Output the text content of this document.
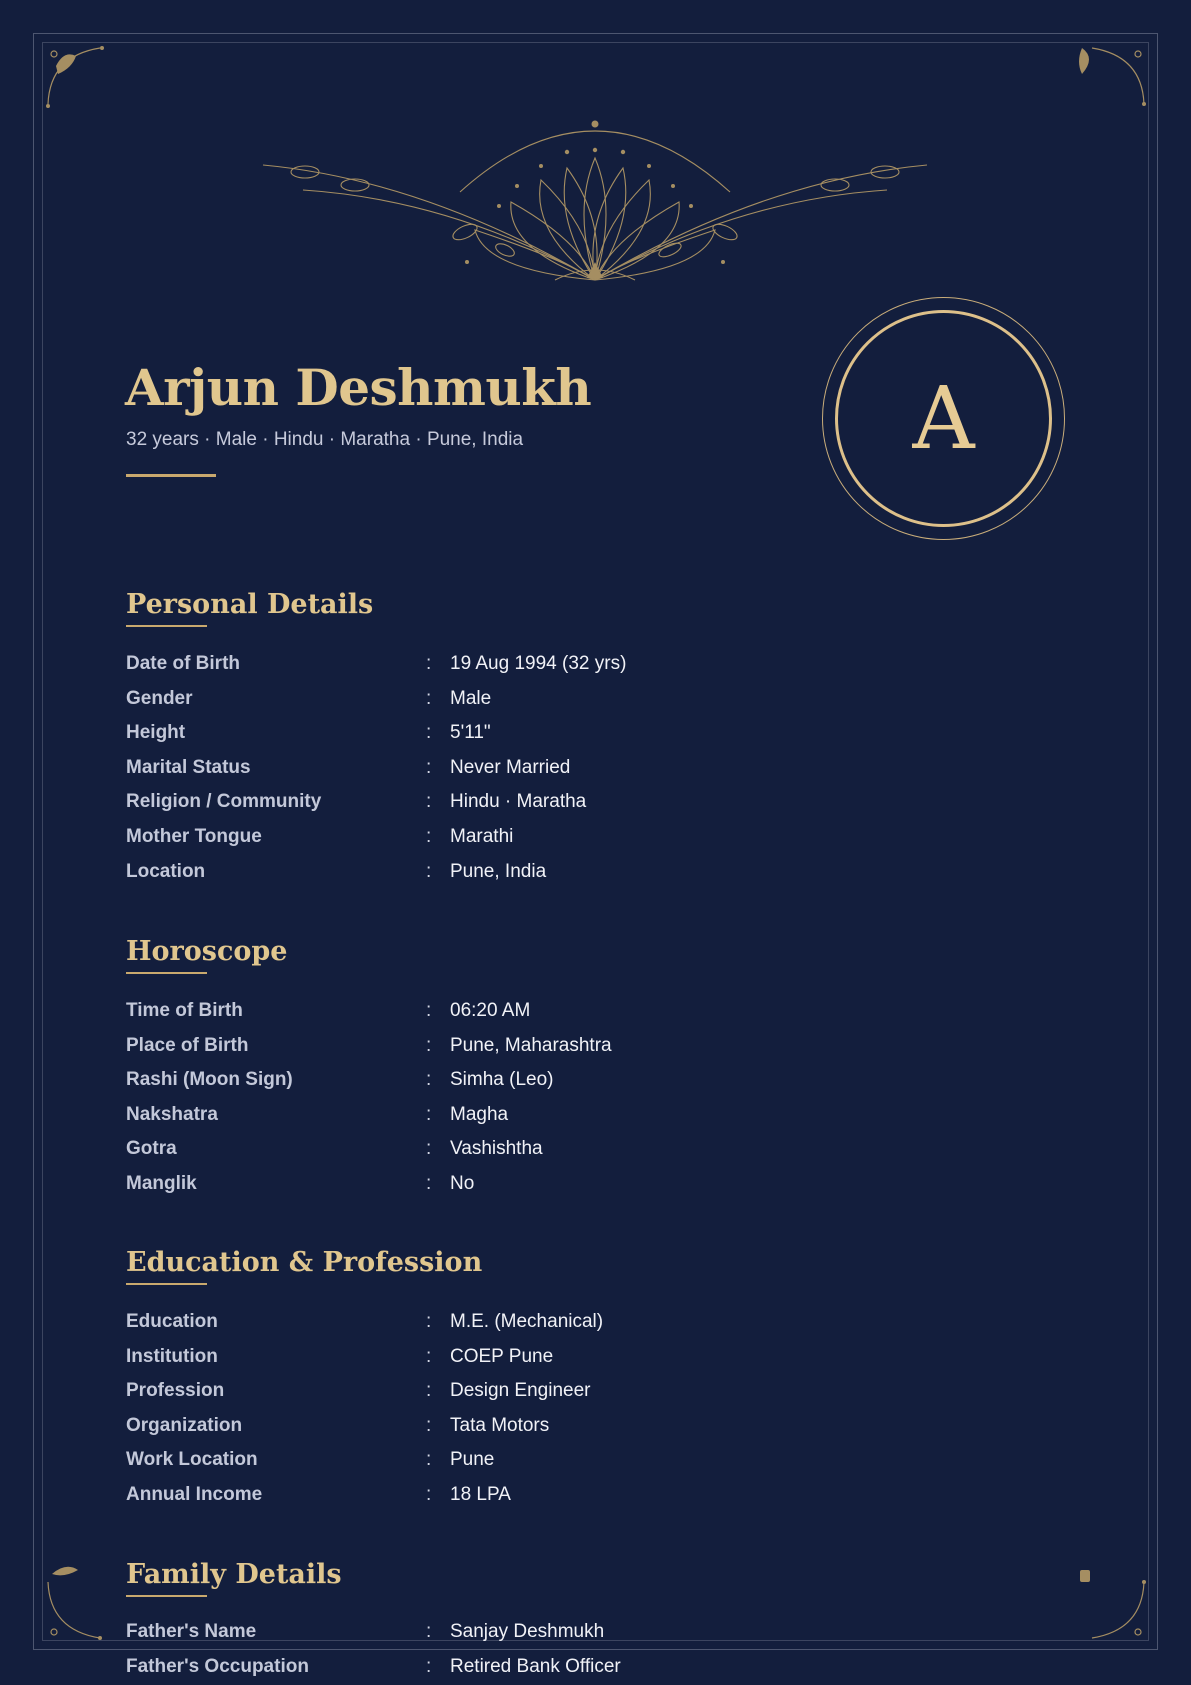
Arjun Deshmukh
32 years · Male · Hindu · Maratha · Pune, India	A
Personal Details
Date of Birth	: 19 Aug 1994 (32 yrs)
Gender	: Male
Height	: 5'11"
Marital Status	: Never Married
Religion / Community	: Hindu · Maratha
Mother Tongue	: Marathi
Location	: Pune, India
Horoscope
Time of Birth	: 06:20 AM
Place of Birth	: Pune, Maharashtra
Rashi (Moon Sign)	: Simha (Leo)
Nakshatra	: Magha
Gotra	: Vashishtha
Manglik	: No
Education & Profession
Education	: M.E. (Mechanical)
Institution	: COEP Pune
Profession	: Design Engineer
Organization	: Tata Motors
Work Location	: Pune
Annual Income	: 18 LPA
Family Details
Father's Name	: Sanjay Deshmukh
Father's Occupation	: Retired Bank Officer
